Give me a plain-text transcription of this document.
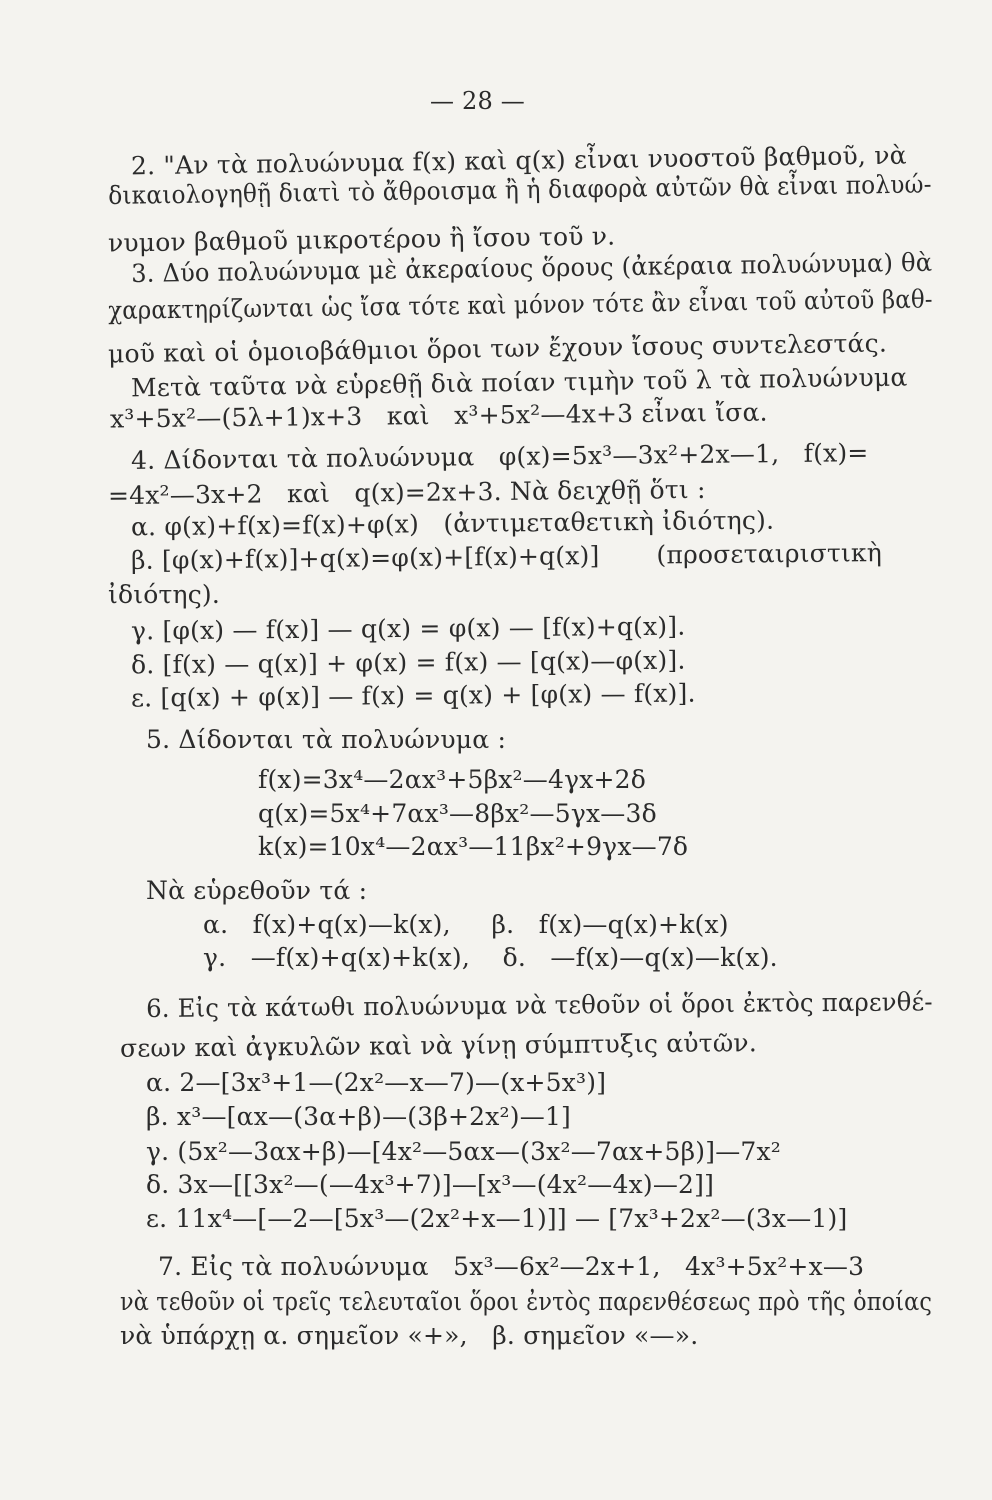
— 28 —
2. "Αν τὰ πολυώνυμα f(x) καὶ q(x) εἶναι νυοστοῦ βαθμοῦ, νὰ
δικαιολογηθῇ διατὶ τὸ ἄθροισμα ἢ ἡ διαφορὰ αὐτῶν θὰ εἶναι πολυώ-
νυμον βαθμοῦ μικροτέρου ἢ ἴσου τοῦ ν.
3. Δύο πολυώνυμα μὲ ἀκεραίους ὅρους (ἀκέραια πολυώνυμα) θὰ
χαρακτηρίζωνται ὡς ἴσα τότε καὶ μόνον τότε ἂν εἶναι τοῦ αὐτοῦ βαθ-
μοῦ καὶ οἱ ὁμοιοβάθμιοι ὅροι των ἔχουν ἴσους συντελεστάς.
Μετὰ ταῦτα νὰ εὑρεθῇ διὰ ποίαν τιμὴν τοῦ λ τὰ πολυώνυμα
x³+5x²—(5λ+1)x+3   καὶ   x³+5x²—4x+3 εἶναι ἴσα.
4. Δίδονται τὰ πολυώνυμα   φ(x)=5x³—3x²+2x—1,   f(x)=
=4x²—3x+2   καὶ   q(x)=2x+3. Νὰ δειχθῇ ὅτι :
α. φ(x)+f(x)=f(x)+φ(x)   (ἀντιμεταθετικὴ ἰδιότης).
β. [φ(x)+f(x)]+q(x)=φ(x)+[f(x)+q(x)]       (προσεταιριστικὴ
ἰδιότης).
γ. [φ(x) — f(x)] — q(x) = φ(x) — [f(x)+q(x)].
δ. [f(x) — q(x)] + φ(x) = f(x) — [q(x)—φ(x)].
ε. [q(x) + φ(x)] — f(x) = q(x) + [φ(x) — f(x)].
5. Δίδονται τὰ πολυώνυμα :
f(x)=3x⁴—2αx³+5βx²—4γx+2δ
q(x)=5x⁴+7αx³—8βx²—5γx—3δ
k(x)=10x⁴—2αx³—11βx²+9γx—7δ
Νὰ εὑρεθοῦν τά :
α.   f(x)+q(x)—k(x),     β.   f(x)—q(x)+k(x)
γ.   —f(x)+q(x)+k(x),    δ.   —f(x)—q(x)—k(x).
6. Εἰς τὰ κάτωθι πολυώνυμα νὰ τεθοῦν οἱ ὅροι ἐκτὸς παρενθέ-
σεων καὶ ἀγκυλῶν καὶ νὰ γίνῃ σύμπτυξις αὐτῶν.
α. 2—[3x³+1—(2x²—x—7)—(x+5x³)]
β. x³—[αx—(3α+β)—(3β+2x²)—1]
γ. (5x²—3αx+β)—[4x²—5αx—(3x²—7αx+5β)]—7x²
δ. 3x—[[3x²—(—4x³+7)]—[x³—(4x²—4x)—2]]
ε. 11x⁴—[—2—[5x³—(2x²+x—1)]] — [7x³+2x²—(3x—1)]
7. Εἰς τὰ πολυώνυμα   5x³—6x²—2x+1,   4x³+5x²+x—3
νὰ τεθοῦν οἱ τρεῖς τελευταῖοι ὅροι ἐντὸς παρενθέσεως πρὸ τῆς ὁποίας
νὰ ὑπάρχῃ α. σημεῖον «+»,   β. σημεῖον «—».
